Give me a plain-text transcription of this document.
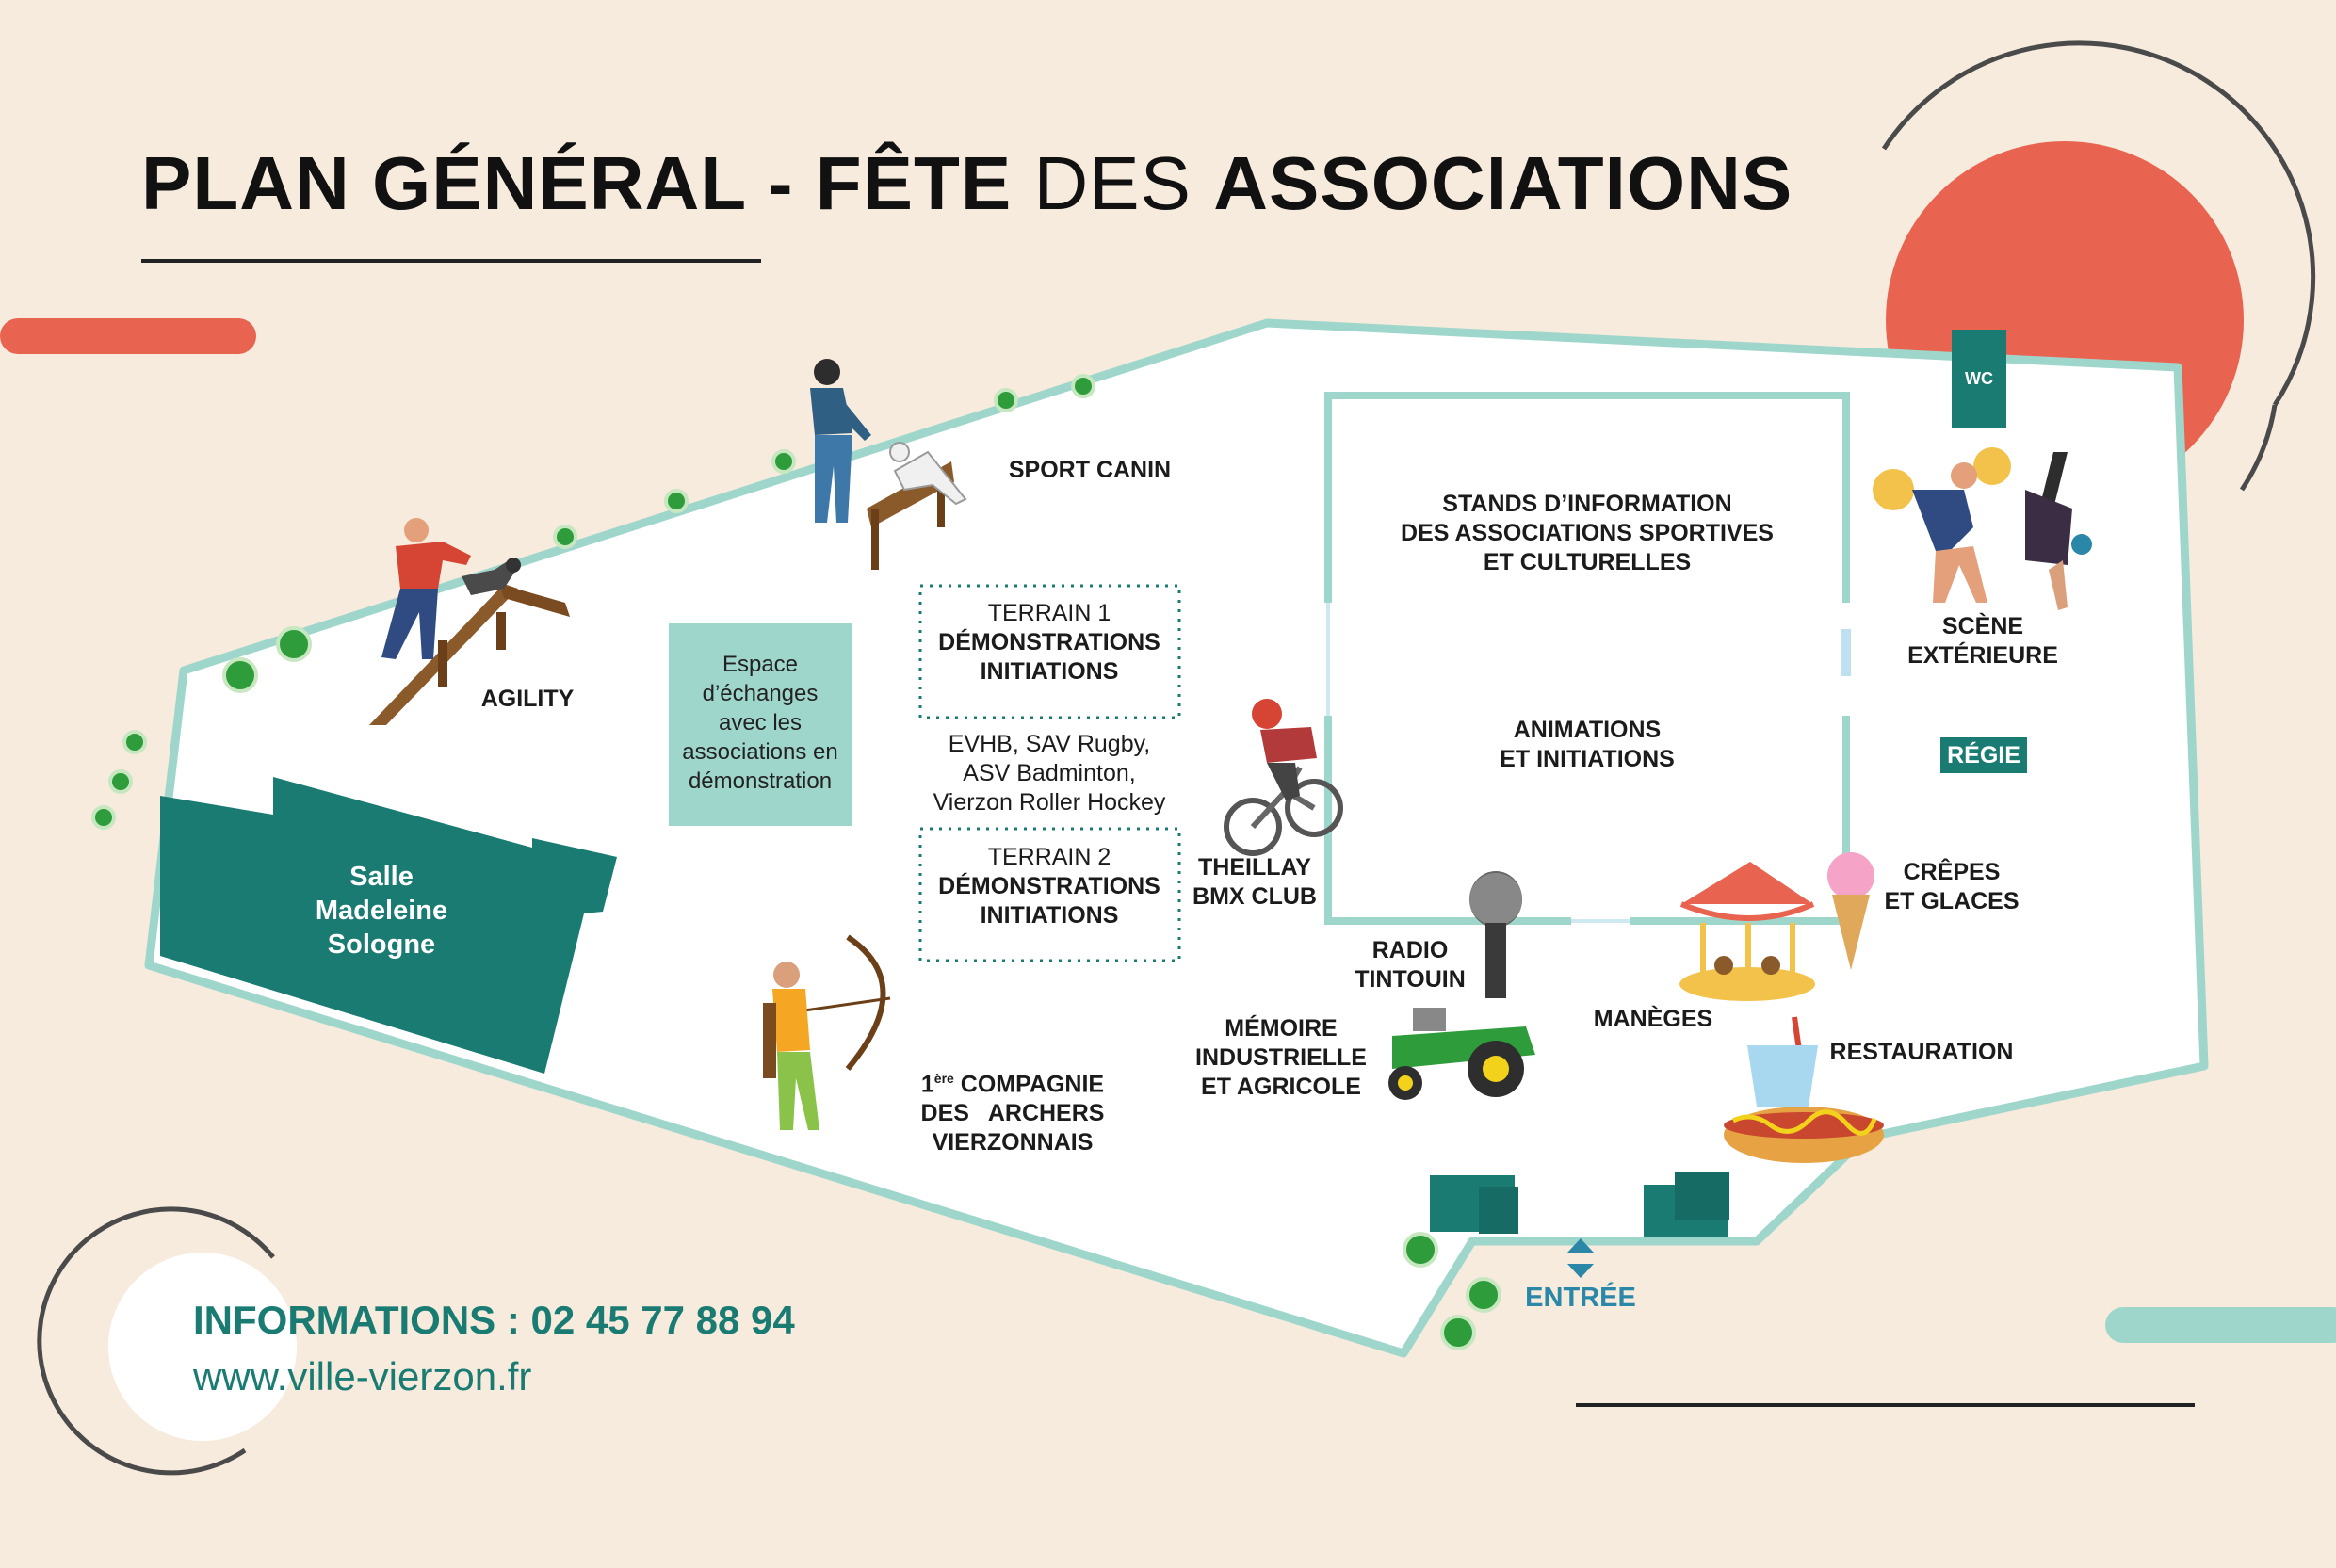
PLAN GÉNÉRAL - FÊTE DES ASSOCIATIONS
WC
RÉGIE
Espace
d’échanges
avec les
associations en
démonstration
Salle
Madeleine
Sologne
STANDS D’INFORMATION
DES ASSOCIATIONS SPORTIVES
ET CULTURELLES
ANIMATIONS
ET INITIATIONS
TERRAIN 1
DÉMONSTRATIONS
INITIATIONS
EVHB, SAV Rugby,
ASV Badminton,
Vierzon Roller Hockey
TERRAIN 2
DÉMONSTRATIONS
INITIATIONS
SPORT CANIN
AGILITY
THEILLAY
BMX CLUB
RADIO
TINTOUIN
MÉMOIRE
INDUSTRIELLE
ET AGRICOLE
MANÈGES
CRÊPES
ET GLACES
RESTAURATION
SCÈNE
EXTÉRIEURE
1ère COMPAGNIE
DES   ARCHERS
VIERZONNAIS
ENTRÉE
INFORMATIONS : 02 45 77 88 94
www.ville-vierzon.fr
